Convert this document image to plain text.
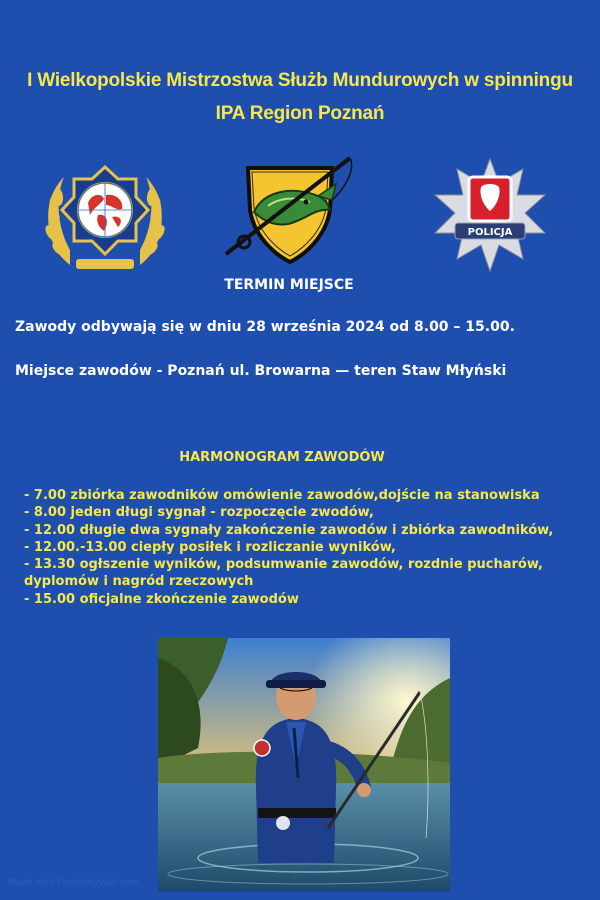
I Wielkopolskie Mistrzostwa Służb Mundurowych w spinningu
IPA Region Poznań
POLICJA
TERMIN MIEJSCE
Zawody odbywają się w dniu 28 września 2024 od 8.00 – 15.00.
Miejsce zawodów - Poznań ul. Browarna — teren Staw Młyński
HARMONOGRAM ZAWODÓW
- 7.00 zbiórka zawodników omówienie zawodów,dojście na stanowiska
- 8.00 jeden długi sygnał - rozpoczęcie zwodów,
- 12.00 długie dwa sygnały zakończenie zawodów i zbiórka zawodników,
- 12.00.-13.00 ciepły posiłek i rozliczanie wyników,
- 13.30 ogłszenie wyników, podsumwanie zawodów, rozdnie pucharów, dyplomów i nagród rzeczowych
- 15.00 oficjalne zkończenie zawodów
Made with PosterMyWall.com
